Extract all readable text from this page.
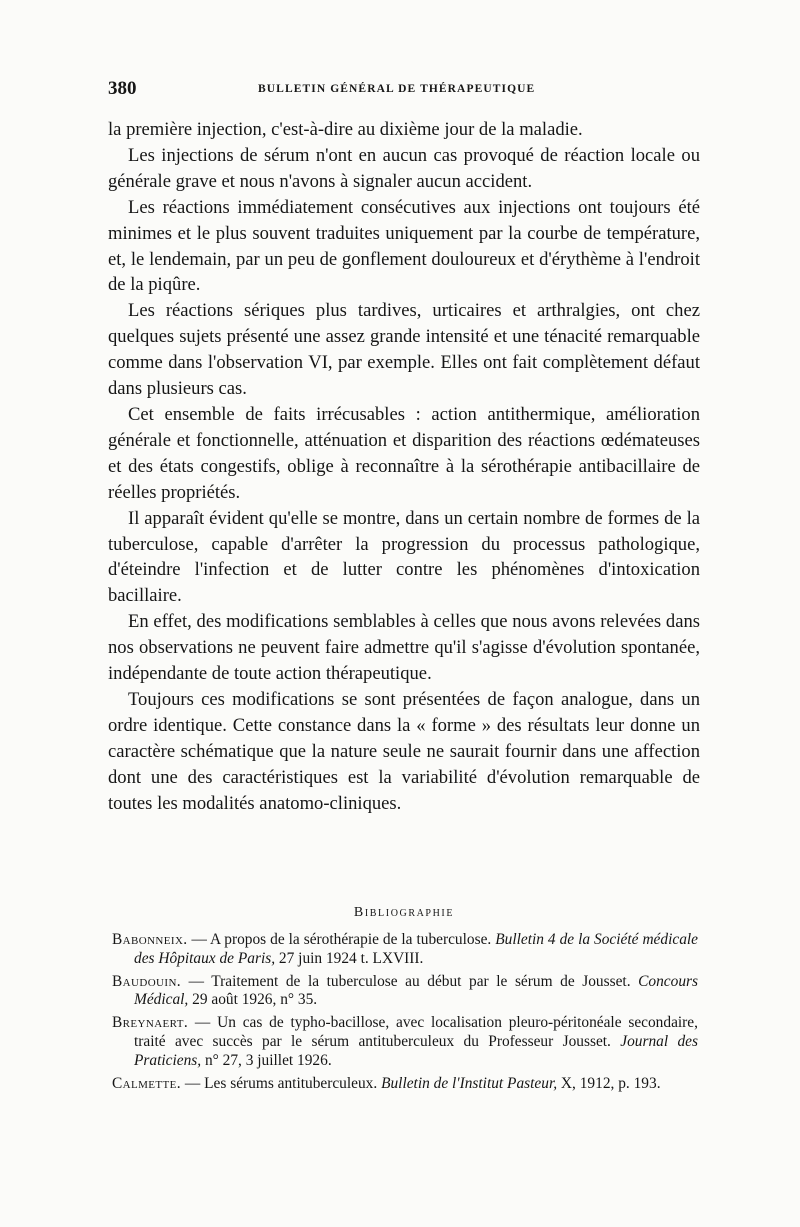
380	BULLETIN GÉNÉRAL DE THÉRAPEUTIQUE

la première injection, c'est-à-dire au dixième jour de la maladie.

Les injections de sérum n'ont en aucun cas provoqué de réaction locale ou générale grave et nous n'avons à signaler aucun accident.

Les réactions immédiatement consécutives aux injections ont toujours été minimes et le plus souvent traduites uniquement par la courbe de température, et, le lendemain, par un peu de gonflement douloureux et d'érythème à l'endroit de la piqûre.

Les réactions sériques plus tardives, urticaires et arthralgies, ont chez quelques sujets présenté une assez grande intensité et une ténacité remarquable comme dans l'observation VI, par exemple. Elles ont fait complètement défaut dans plusieurs cas.

Cet ensemble de faits irrécusables : action antithermique, amélioration générale et fonctionnelle, atténuation et disparition des réactions œdémateuses et des états congestifs, oblige à reconnaître à la sérothérapie antibacillaire de réelles propriétés.

Il apparaît évident qu'elle se montre, dans un certain nombre de formes de la tuberculose, capable d'arrêter la progression du processus pathologique, d'éteindre l'infection et de lutter contre les phénomènes d'intoxication bacillaire.

En effet, des modifications semblables à celles que nous avons relevées dans nos observations ne peuvent faire admettre qu'il s'agisse d'évolution spontanée, indépendante de toute action thérapeutique.

Toujours ces modifications se sont présentées de façon analogue, dans un ordre identique. Cette constance dans la « forme » des résultats leur donne un caractère schématique que la nature seule ne saurait fournir dans une affection dont une des caractéristiques est la variabilité d'évolution remarquable de toutes les modalités anatomo-cliniques.

Bibliographie

Babonneix. — A propos de la sérothérapie de la tuberculose. Bulletin 4 de la Société médicale des Hôpitaux de Paris, 27 juin 1924 t. LXVIII.

Baudouin. — Traitement de la tuberculose au début par le sérum de Jousset. Concours Médical, 29 août 1926, n° 35.

Breynaert. — Un cas de typho-bacillose, avec localisation pleuro-péritonéale secondaire, traité avec succès par le sérum antituberculeux du Professeur Jousset. Journal des Praticiens, n° 27, 3 juillet 1926.

Calmette. — Les sérums antituberculeux. Bulletin de l'Institut Pasteur, X, 1912, p. 193.
